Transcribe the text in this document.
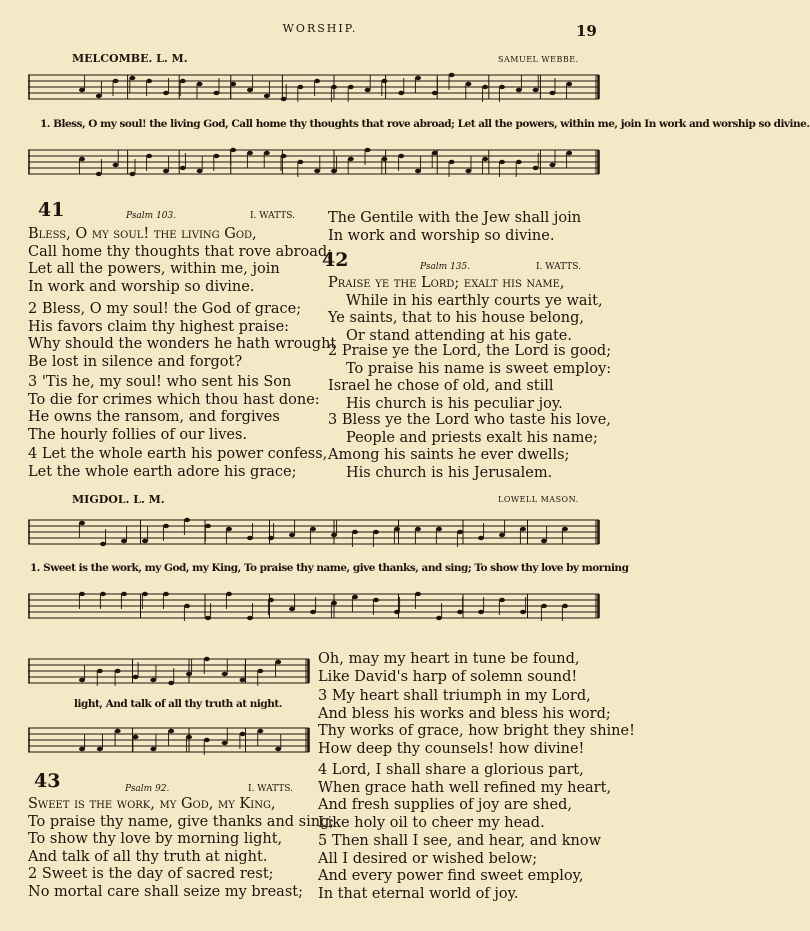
WORSHIP.	19
MELCOMBE. L. M.	SAMUEL WEBBE.
1. Bless, O my soul! the living God, Call home thy thoughts that rove abroad; Let all the powers, within me, join In work and worship so divine.
41	Psalm 103.	I. WATTS.
Bless, O my soul! the living God,
Call home thy thoughts that rove abroad;
Let all the powers, within me, join
In work and worship so divine.
2 Bless, O my soul! the God of grace;
His favors claim thy highest praise:
Why should the wonders he hath wrought
Be lost in silence and forgot?
3 'Tis he, my soul! who sent his Son
To die for crimes which thou hast done:
He owns the ransom, and forgives
The hourly follies of our lives.
4 Let the whole earth his power confess,
Let the whole earth adore his grace;
The Gentile with the Jew shall join
In work and worship so divine.
42	Psalm 135.	I. WATTS.
Praise ye the Lord; exalt his name,
While in his earthly courts ye wait,
Ye saints, that to his house belong,
Or stand attending at his gate.
2 Praise ye the Lord, the Lord is good;
To praise his name is sweet employ:
Israel he chose of old, and still
His church is his peculiar joy.
3 Bless ye the Lord who taste his love,
People and priests exalt his name;
Among his saints he ever dwells;
His church is his Jerusalem.
MIGDOL. L. M.	LOWELL MASON.
1. Sweet is the work, my God, my King, To praise thy name, give thanks, and sing; To show thy love by morning
light, And talk of all thy truth at night.
43	Psalm 92.	I. WATTS.
Sweet is the work, my God, my King,
To praise thy name, give thanks and sing;
To show thy love by morning light,
And talk of all thy truth at night.
2 Sweet is the day of sacred rest;
No mortal care shall seize my breast;
Oh, may my heart in tune be found,
Like David's harp of solemn sound!
3 My heart shall triumph in my Lord,
And bless his works and bless his word;
Thy works of grace, how bright they shine!
How deep thy counsels! how divine!
4 Lord, I shall share a glorious part,
When grace hath well refined my heart,
And fresh supplies of joy are shed,
Like holy oil to cheer my head.
5 Then shall I see, and hear, and know
All I desired or wished below;
And every power find sweet employ,
In that eternal world of joy.
